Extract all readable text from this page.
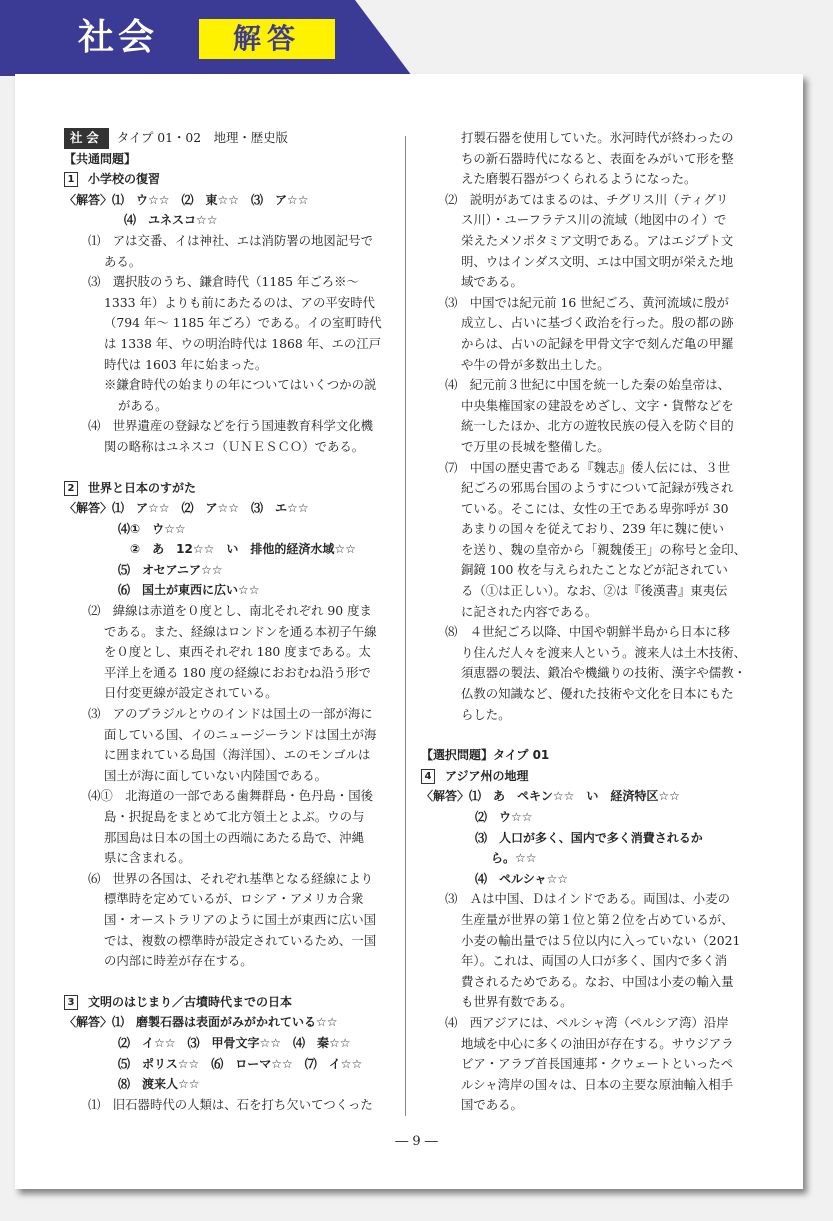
社会	解答
社会 タイプ 01・02　地理・歴史版
【共通問題】
1 小学校の復習
〈解答〉⑴　ウ☆☆　⑵　東☆☆　⑶　ア☆☆
⑷　ユネスコ☆☆
⑴　アは交番、イは神社、エは消防署の地図記号で
ある。
⑶　選択肢のうち、鎌倉時代（1185 年ごろ※～
1333 年）よりも前にあたるのは、アの平安時代
（794 年～ 1185 年ごろ）である。イの室町時代
は 1338 年、ウの明治時代は 1868 年、エの江戸
時代は 1603 年に始まった。
※鎌倉時代の始まりの年についてはいくつかの説
がある。
⑷　世界遺産の登録などを行う国連教育科学文化機
関の略称はユネスコ（ＵＮＥＳＣＯ）である。
2 世界と日本のすがた
〈解答〉⑴　ア☆☆　⑵　ア☆☆　⑶　エ☆☆
⑷①　ウ☆☆
②　あ　12☆☆　い　排他的経済水域☆☆
⑸　オセアニア☆☆
⑹　国土が東西に広い☆☆
⑵　緯線は赤道を０度とし、南北それぞれ 90 度ま
である。また、経線はロンドンを通る本初子午線
を０度とし、東西それぞれ 180 度まである。太
平洋上を通る 180 度の経線におおむね沿う形で
日付変更線が設定されている。
⑶　アのブラジルとウのインドは国土の一部が海に
面している国、イのニュージーランドは国土が海
に囲まれている島国（海洋国）、エのモンゴルは
国土が海に面していない内陸国である。
⑷①　北海道の一部である歯舞群島・色丹島・国後
島・択捉島をまとめて北方領土とよぶ。ウの与
那国島は日本の国土の西端にあたる島で、沖縄
県に含まれる。
⑹　世界の各国は、それぞれ基準となる経線により
標準時を定めているが、ロシア・アメリカ合衆
国・オーストラリアのように国土が東西に広い国
では、複数の標準時が設定されているため、一国
の内部に時差が存在する。
3 文明のはじまり／古墳時代までの日本
〈解答〉⑴　磨製石器は表面がみがかれている☆☆
⑵　イ☆☆　⑶　甲骨文字☆☆　⑷　秦☆☆
⑸　ポリス☆☆　⑹　ローマ☆☆　⑺　イ☆☆
⑻　渡来人☆☆
⑴　旧石器時代の人類は、石を打ち欠いてつくった
打製石器を使用していた。氷河時代が終わったの
ちの新石器時代になると、表面をみがいて形を整
えた磨製石器がつくられるようになった。
⑵　説明があてはまるのは、チグリス川（ティグリ
ス川）・ユーフラテス川の流域（地図中のイ）で
栄えたメソポタミア文明である。アはエジプト文
明、ウはインダス文明、エは中国文明が栄えた地
域である。
⑶　中国では紀元前 16 世紀ごろ、黄河流域に殷が
成立し、占いに基づく政治を行った。殷の都の跡
からは、占いの記録を甲骨文字で刻んだ亀の甲羅
や牛の骨が多数出土した。
⑷　紀元前３世紀に中国を統一した秦の始皇帝は、
中央集権国家の建設をめざし、文字・貨幣などを
統一したほか、北方の遊牧民族の侵入を防ぐ目的
で万里の長城を整備した。
⑺　中国の歴史書である『魏志』倭人伝には、３世
紀ごろの邪馬台国のようすについて記録が残され
ている。そこには、女性の王である卑弥呼が 30
あまりの国々を従えており、239 年に魏に使い
を送り、魏の皇帝から「親魏倭王」の称号と金印、
銅鏡 100 枚を与えられたことなどが記されてい
る（①は正しい）。なお、②は『後漢書』東夷伝
に記された内容である。
⑻　４世紀ごろ以降、中国や朝鮮半島から日本に移
り住んだ人々を渡来人という。渡来人は土木技術、
須恵器の製法、鍛冶や機織りの技術、漢字や儒教・
仏教の知識など、優れた技術や文化を日本にもた
らした。
【選択問題】タイプ 01
4 アジア州の地理
〈解答〉⑴　あ　ペキン☆☆　い　経済特区☆☆
⑵　ウ☆☆
⑶　人口が多く、国内で多く消費されるか
ら。☆☆
⑷　ペルシャ☆☆
⑶　Ａは中国、Ｄはインドである。両国は、小麦の
生産量が世界の第１位と第２位を占めているが、
小麦の輸出量では５位以内に入っていない（2021
年）。これは、両国の人口が多く、国内で多く消
費されるためである。なお、中国は小麦の輸入量
も世界有数である。
⑷　西アジアには、ペルシャ湾（ペルシア湾）沿岸
地域を中心に多くの油田が存在する。サウジアラ
ビア・アラブ首長国連邦・クウェートといったペ
ルシャ湾岸の国々は、日本の主要な原油輸入相手
国である。
― 9 ―
